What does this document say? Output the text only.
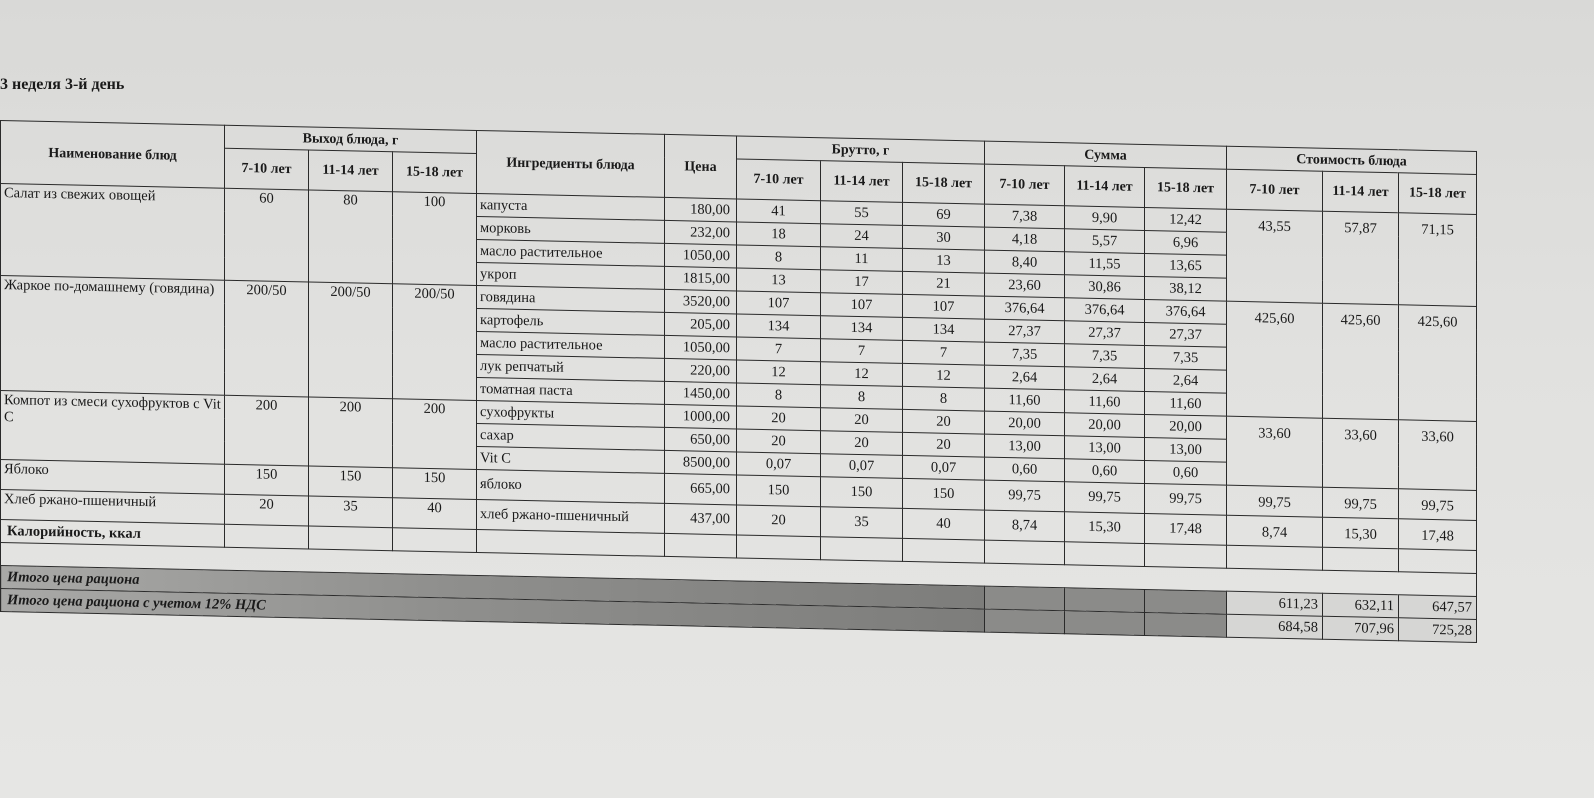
3 неделя 3-й день
Наименование блюд	Выход блюда, г			Ингредиенты блюда	Цена	Брутто, г			Сумма			Стоимость блюда		
	7-10 лет	11-14 лет	15-18 лет			7-10 лет	11-14 лет	15-18 лет	7-10 лет	11-14 лет	15-18 лет	7-10 лет	11-14 лет	15-18 лет
Салат из свежих овощей	60	80	100	капуста	180,00	41	55	69	7,38	9,90	12,42	43,55	57,87	71,15
				морковь	232,00	18	24	30	4,18	5,57	6,96			
				масло растительное	1050,00	8	11	13	8,40	11,55	13,65			
				укроп	1815,00	13	17	21	23,60	30,86	38,12			
Жаркое по-домашнему (говядина)	200/50	200/50	200/50	говядина	3520,00	107	107	107	376,64	376,64	376,64	425,60	425,60	425,60
				картофель	205,00	134	134	134	27,37	27,37	27,37			
				масло растительное	1050,00	7	7	7	7,35	7,35	7,35			
				лук репчатый	220,00	12	12	12	2,64	2,64	2,64			
				томатная паста	1450,00	8	8	8	11,60	11,60	11,60			
Компот из смеси сухофруктов с Vit C	200	200	200	сухофрукты	1000,00	20	20	20	20,00	20,00	20,00	33,60	33,60	33,60
				сахар	650,00	20	20	20	13,00	13,00	13,00			
				Vit C	8500,00	0,07	0,07	0,07	0,60	0,60	0,60			
Яблоко	150	150	150	яблоко	665,00	150	150	150	99,75	99,75	99,75	99,75	99,75	99,75
Хлеб ржано-пшеничный	20	35	40	хлеб ржано-пшеничный	437,00	20	35	40	8,74	15,30	17,48	8,74	15,30	17,48
Калорийность, ккал														

Итого цена рациона												611,23	632,11	647,57
Итого цена рациона с учетом 12% НДС												684,58	707,96	725,28
